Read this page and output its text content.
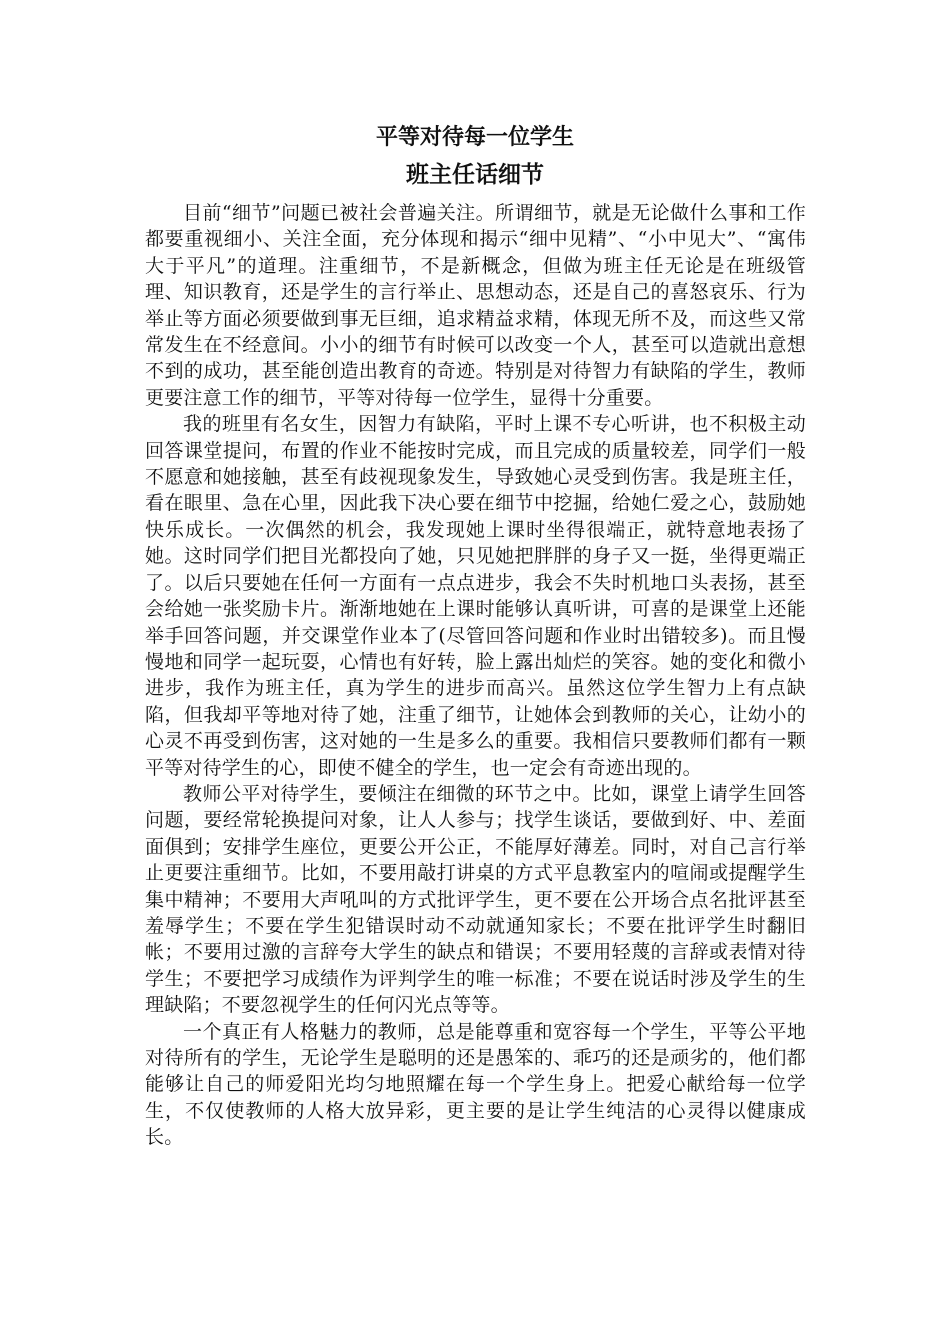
平等对待每一位学生
班主任话细节

目前“细节”问题已被社会普遍关注。所谓细节，就是无论做什么事和工作都要重视细小、关注全面，充分体现和揭示“细中见精”、“小中见大”、“寓伟大于平凡”的道理。注重细节，不是新概念，但做为班主任无论是在班级管理、知识教育，还是学生的言行举止、思想动态，还是自己的喜怒哀乐、行为举止等方面必须要做到事无巨细，追求精益求精，体现无所不及，而这些又常常发生在不经意间。小小的细节有时候可以改变一个人，甚至可以造就出意想不到的成功，甚至能创造出教育的奇迹。特别是对待智力有缺陷的学生，教师更要注意工作的细节，平等对待每一位学生，显得十分重要。

我的班里有名女生，因智力有缺陷，平时上课不专心听讲，也不积极主动回答课堂提问，布置的作业不能按时完成，而且完成的质量较差，同学们一般不愿意和她接触，甚至有歧视现象发生，导致她心灵受到伤害。我是班主任，看在眼里、急在心里，因此我下决心要在细节中挖掘，给她仁爱之心，鼓励她快乐成长。一次偶然的机会，我发现她上课时坐得很端正，就特意地表扬了她。这时同学们把目光都投向了她，只见她把胖胖的身子又一挺，坐得更端正了。以后只要她在任何一方面有一点点进步，我会不失时机地口头表扬，甚至会给她一张奖励卡片。渐渐地她在上课时能够认真听讲，可喜的是课堂上还能举手回答问题，并交课堂作业本了(尽管回答问题和作业时出错较多)。而且慢慢地和同学一起玩耍，心情也有好转，脸上露出灿烂的笑容。她的变化和微小进步，我作为班主任，真为学生的进步而高兴。虽然这位学生智力上有点缺陷，但我却平等地对待了她，注重了细节，让她体会到教师的关心，让幼小的心灵不再受到伤害，这对她的一生是多么的重要。我相信只要教师们都有一颗平等对待学生的心，即使不健全的学生，也一定会有奇迹出现的。

教师公平对待学生，要倾注在细微的环节之中。比如，课堂上请学生回答问题，要经常轮换提问对象，让人人参与；找学生谈话，要做到好、中、差面面俱到；安排学生座位，更要公开公正，不能厚好薄差。同时，对自己言行举止更要注重细节。比如，不要用敲打讲桌的方式平息教室内的喧闹或提醒学生集中精神；不要用大声吼叫的方式批评学生，更不要在公开场合点名批评甚至羞辱学生；不要在学生犯错误时动不动就通知家长；不要在批评学生时翻旧帐；不要用过激的言辞夸大学生的缺点和错误；不要用轻蔑的言辞或表情对待学生；不要把学习成绩作为评判学生的唯一标准；不要在说话时涉及学生的生理缺陷；不要忽视学生的任何闪光点等等。

一个真正有人格魅力的教师，总是能尊重和宽容每一个学生，平等公平地对待所有的学生，无论学生是聪明的还是愚笨的、乖巧的还是顽劣的，他们都能够让自己的师爱阳光均匀地照耀在每一个学生身上。把爱心献给每一位学生，不仅使教师的人格大放异彩，更主要的是让学生纯洁的心灵得以健康成长。
